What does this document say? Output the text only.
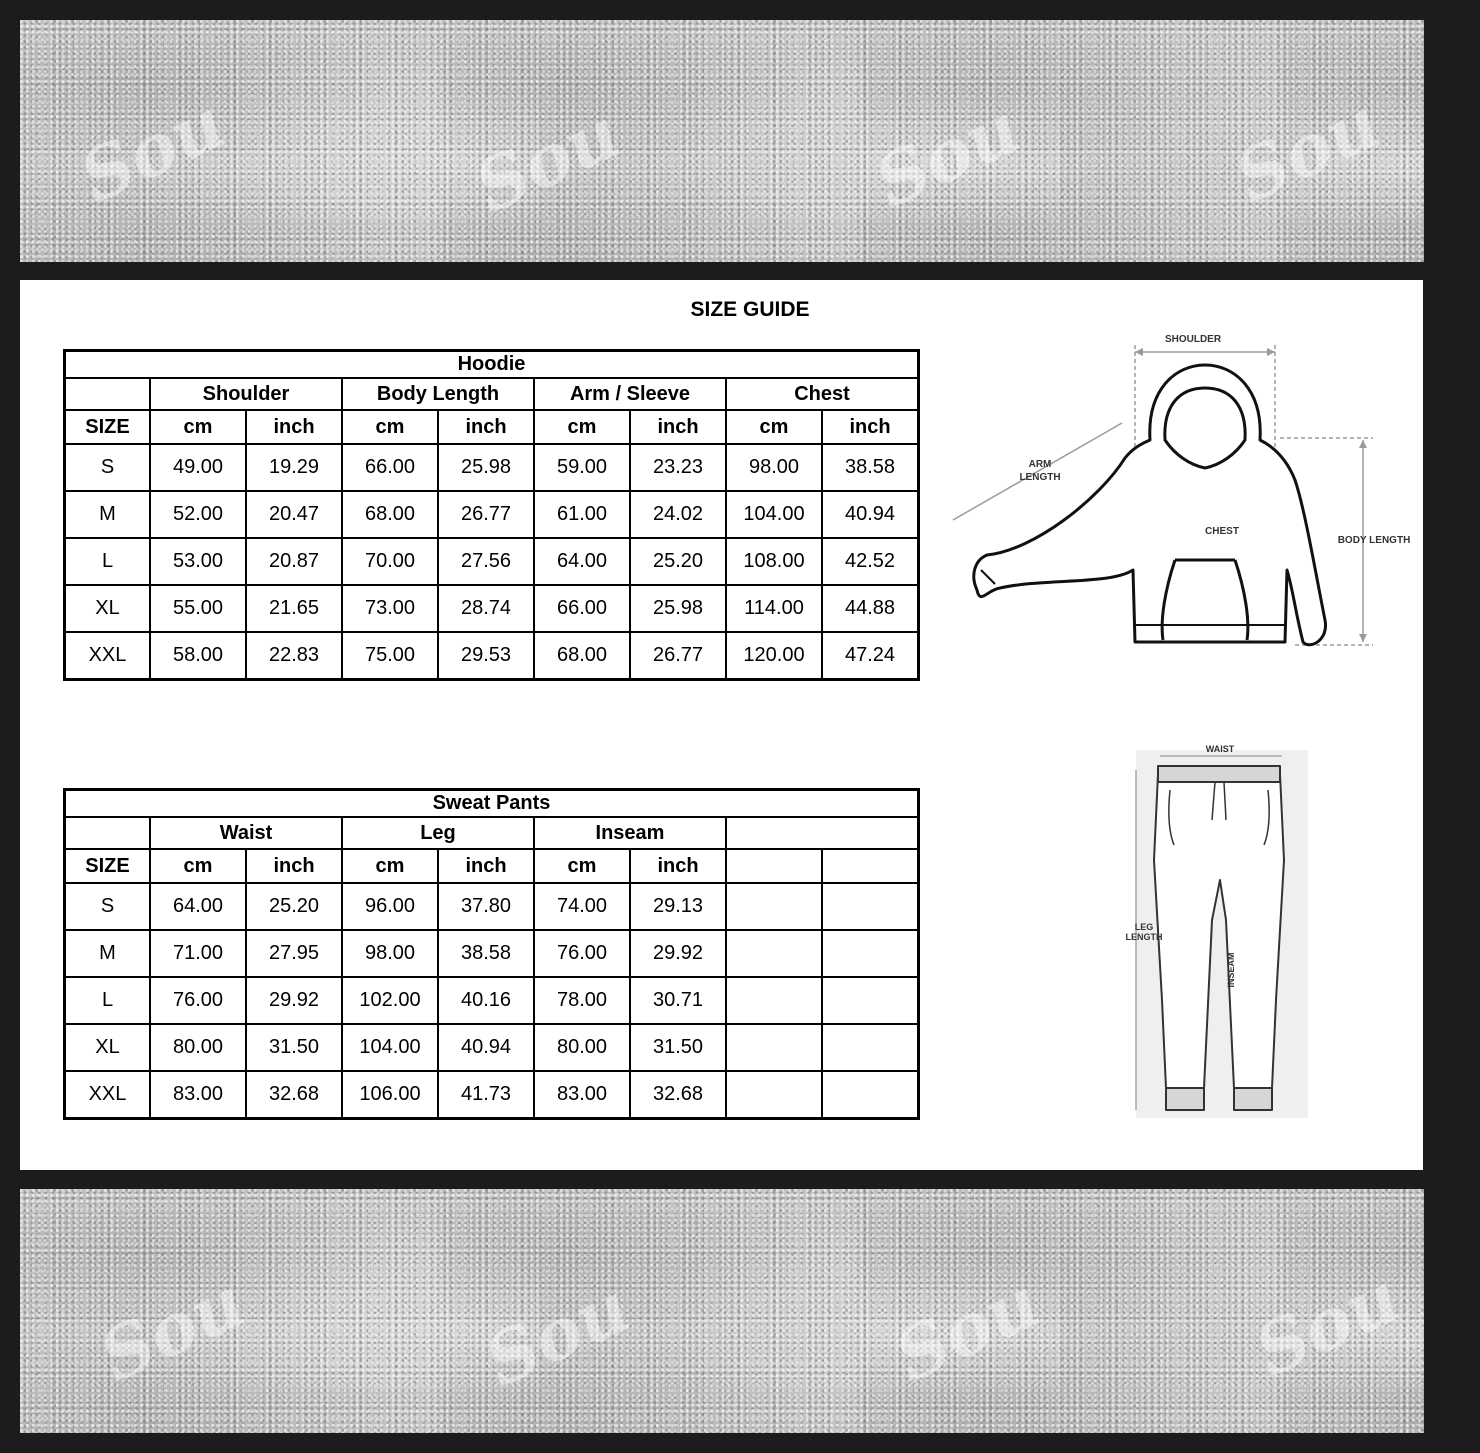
Sou	Sou	Sou	Sou
Sou	Sou	Sou	Sou
SIZE GUIDE
Hoodie								
	Shoulder		Body Length		Arm / Sleeve		Chest	
SIZE	cm	inch	cm	inch	cm	inch	cm	inch
S	49.00	19.29	66.00	25.98	59.00	23.23	98.00	38.58
M	52.00	20.47	68.00	26.77	61.00	24.02	104.00	40.94
L	53.00	20.87	70.00	27.56	64.00	25.20	108.00	42.52
XL	55.00	21.65	73.00	28.74	66.00	25.98	114.00	44.88
XXL	58.00	22.83	75.00	29.53	68.00	26.77	120.00	47.24
Sweat Pants								
	Waist		Leg		Inseam			
SIZE	cm	inch	cm	inch	cm	inch		
S	64.00	25.20	96.00	37.80	74.00	29.13		
M	71.00	27.95	98.00	38.58	76.00	29.92		
L	76.00	29.92	102.00	40.16	78.00	30.71		
XL	80.00	31.50	104.00	40.94	80.00	31.50		
XXL	83.00	32.68	106.00	41.73	83.00	32.68		
SHOULDER
ARM
LENGTH
CHEST
BODY LENGTH
WAIST
LEG
LENGTH
INSEAM
